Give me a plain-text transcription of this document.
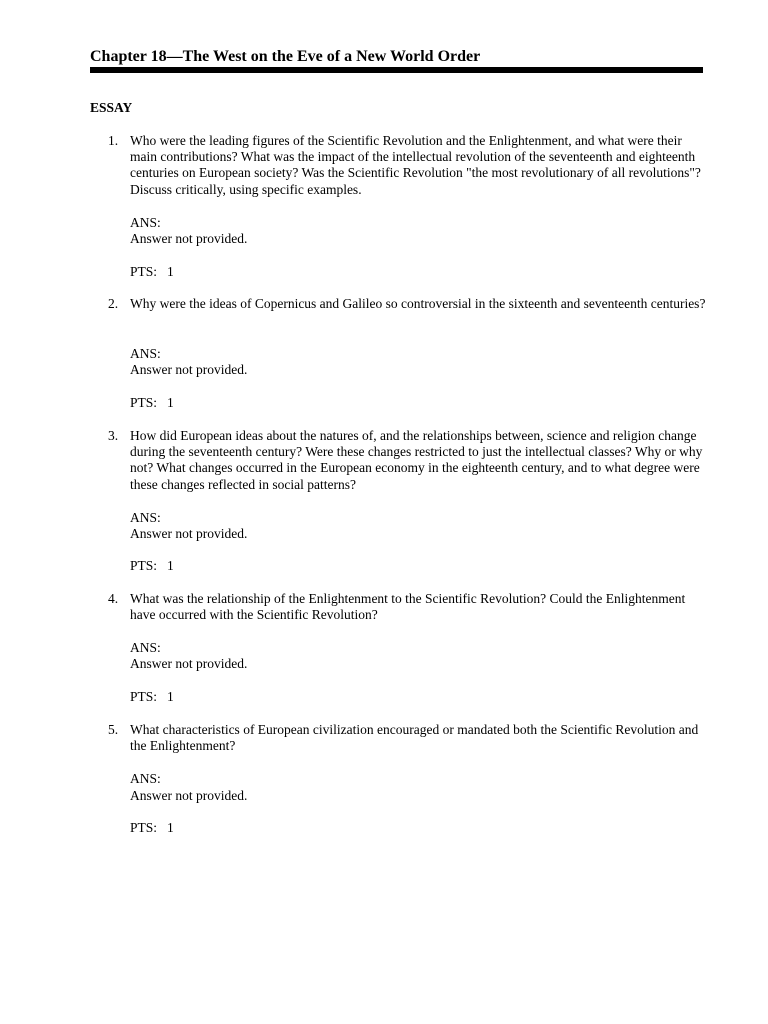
Chapter 18—The West on the Eve of a New World Order
ESSAY
1. Who were the leading figures of the Scientific Revolution and the Enlightenment, and what were their main contributions? What was the impact of the intellectual revolution of the seventeenth and eighteenth centuries on European society? Was the Scientific Revolution "the most revolutionary of all revolutions"? Discuss critically, using specific examples.
ANS:
Answer not provided.
PTS: 1
2. Why were the ideas of Copernicus and Galileo so controversial in the sixteenth and seventeenth centuries?
ANS:
Answer not provided.
PTS: 1
3. How did European ideas about the natures of, and the relationships between, science and religion change during the seventeenth century? Were these changes restricted to just the intellectual classes? Why or why not? What changes occurred in the European economy in the eighteenth century, and to what degree were these changes reflected in social patterns?
ANS:
Answer not provided.
PTS: 1
4. What was the relationship of the Enlightenment to the Scientific Revolution? Could the Enlightenment have occurred with the Scientific Revolution?
ANS:
Answer not provided.
PTS: 1
5. What characteristics of European civilization encouraged or mandated both the Scientific Revolution and the Enlightenment?
ANS:
Answer not provided.
PTS: 1
